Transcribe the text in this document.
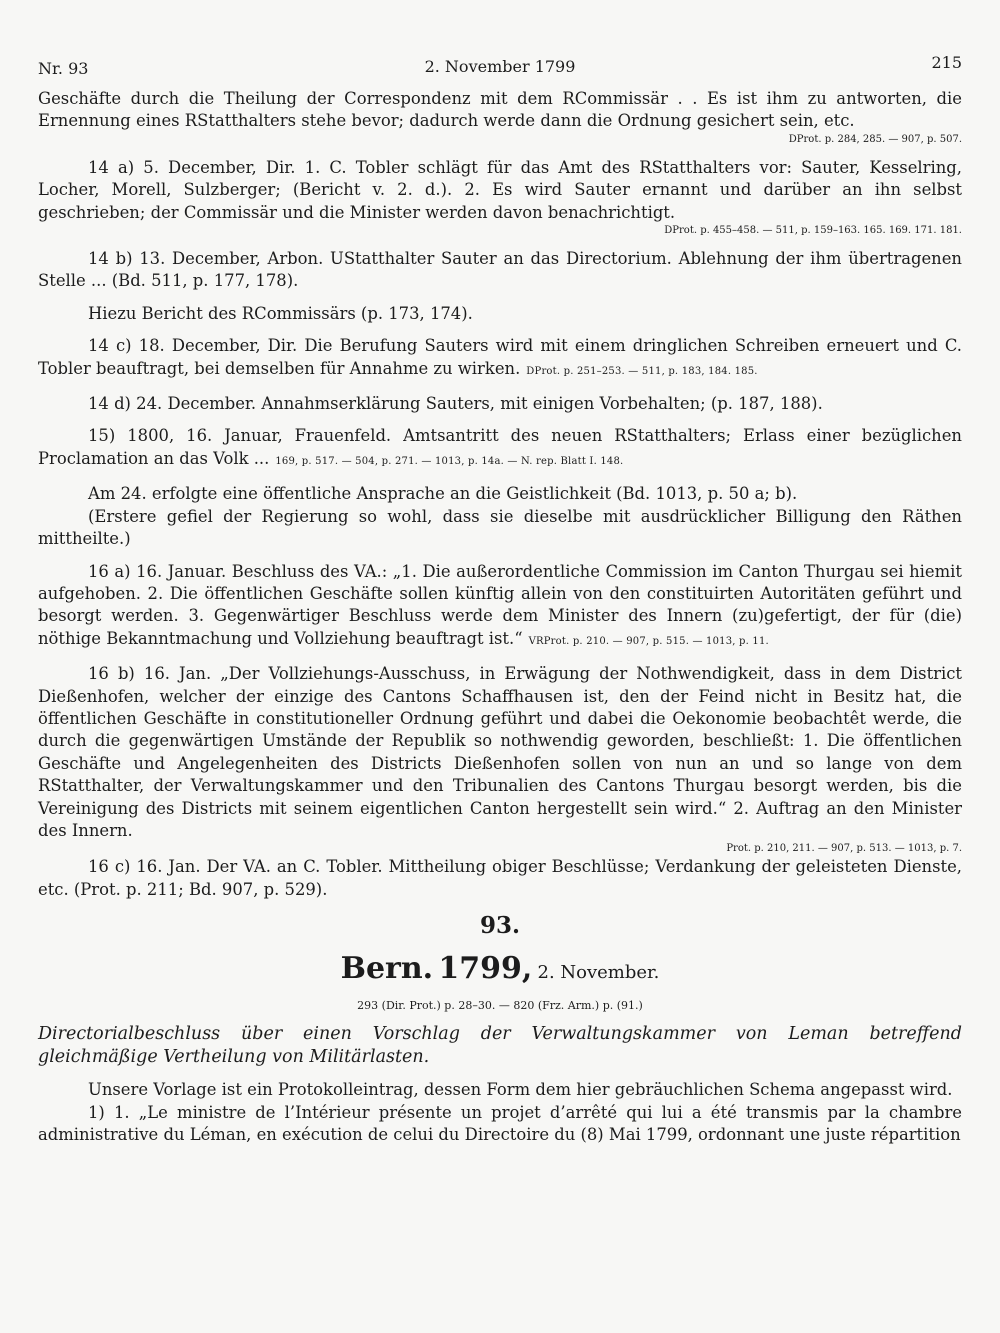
Nr. 93	2. November 1799	215

Geschäfte durch die Theilung der Correspondenz mit dem RCommissär . . Es ist ihm zu antworten, die Ernennung eines RStatthalters stehe bevor; dadurch werde dann die Ordnung gesichert sein, etc.

DProt. p. 284, 285. — 907, p. 507.

14 a) 5. December, Dir. 1. C. Tobler schlägt für das Amt des RStatthalters vor: Sauter, Kesselring, Locher, Morell, Sulzberger; (Bericht v. 2. d.). 2. Es wird Sauter ernannt und darüber an ihn selbst geschrieben; der Commissär und die Minister werden davon benachrichtigt.

DProt. p. 455–458. — 511, p. 159–163. 165. 169. 171. 181.

14 b) 13. December, Arbon. UStatthalter Sauter an das Directorium. Ablehnung der ihm übertragenen Stelle ... (Bd. 511, p. 177, 178).

Hiezu Bericht des RCommissärs (p. 173, 174).

14 c) 18. December, Dir. Die Berufung Sauters wird mit einem dringlichen Schreiben erneuert und C. Tobler beauftragt, bei demselben für Annahme zu wirken. DProt. p. 251–253. — 511, p. 183, 184. 185.

14 d) 24. December. Annahmserklärung Sauters, mit einigen Vorbehalten; (p. 187, 188).

15) 1800, 16. Januar, Frauenfeld. Amtsantritt des neuen RStatthalters; Erlass einer bezüglichen Proclamation an das Volk ... 169, p. 517. — 504, p. 271. — 1013, p. 14a. — N. rep. Blatt I. 148.

Am 24. erfolgte eine öffentliche Ansprache an die Geistlichkeit (Bd. 1013, p. 50 a; b).

(Erstere gefiel der Regierung so wohl, dass sie dieselbe mit ausdrücklicher Billigung den Räthen mittheilte.)

16 a) 16. Januar. Beschluss des VA.: „1. Die außerordentliche Commission im Canton Thurgau sei hiemit aufgehoben. 2. Die öffentlichen Geschäfte sollen künftig allein von den constituirten Autoritäten geführt und besorgt werden. 3. Gegenwärtiger Beschluss werde dem Minister des Innern (zu)gefertigt, der für (die) nöthige Bekanntmachung und Vollziehung beauftragt ist.“ VRProt. p. 210. — 907, p. 515. — 1013, p. 11.

16 b) 16. Jan. „Der Vollziehungs-Ausschuss, in Erwägung der Nothwendigkeit, dass in dem District Dießenhofen, welcher der einzige des Cantons Schaffhausen ist, den der Feind nicht in Besitz hat, die öffentlichen Geschäfte in constitutioneller Ordnung geführt und dabei die Oekonomie beobachtêt werde, die durch die gegenwärtigen Umstände der Republik so nothwendig geworden, beschließt: 1. Die öffentlichen Geschäfte und Angelegenheiten des Districts Dießenhofen sollen von nun an und so lange von dem RStatthalter, der Verwaltungskammer und den Tribunalien des Cantons Thurgau besorgt werden, bis die Vereinigung des Districts mit seinem eigentlichen Canton hergestellt sein wird.“ 2. Auftrag an den Minister des Innern.

Prot. p. 210, 211. — 907, p. 513. — 1013, p. 7.

16 c) 16. Jan. Der VA. an C. Tobler. Mittheilung obiger Beschlüsse; Verdankung der geleisteten Dienste, etc. (Prot. p. 211; Bd. 907, p. 529).

93.
Bern. 1799, 2. November.
293 (Dir. Prot.) p. 28–30. — 820 (Frz. Arm.) p. (91.)

Directorialbeschluss über einen Vorschlag der Verwaltungskammer von Leman betreffend gleichmäßige Vertheilung von Militärlasten.

Unsere Vorlage ist ein Protokolleintrag, dessen Form dem hier gebräuchlichen Schema angepasst wird.

1) 1. „Le ministre de l’Intérieur présente un projet d’arrêté qui lui a été transmis par la chambre administrative du Léman, en exécution de celui du Directoire du (8) Mai 1799, ordonnant une juste répartition
